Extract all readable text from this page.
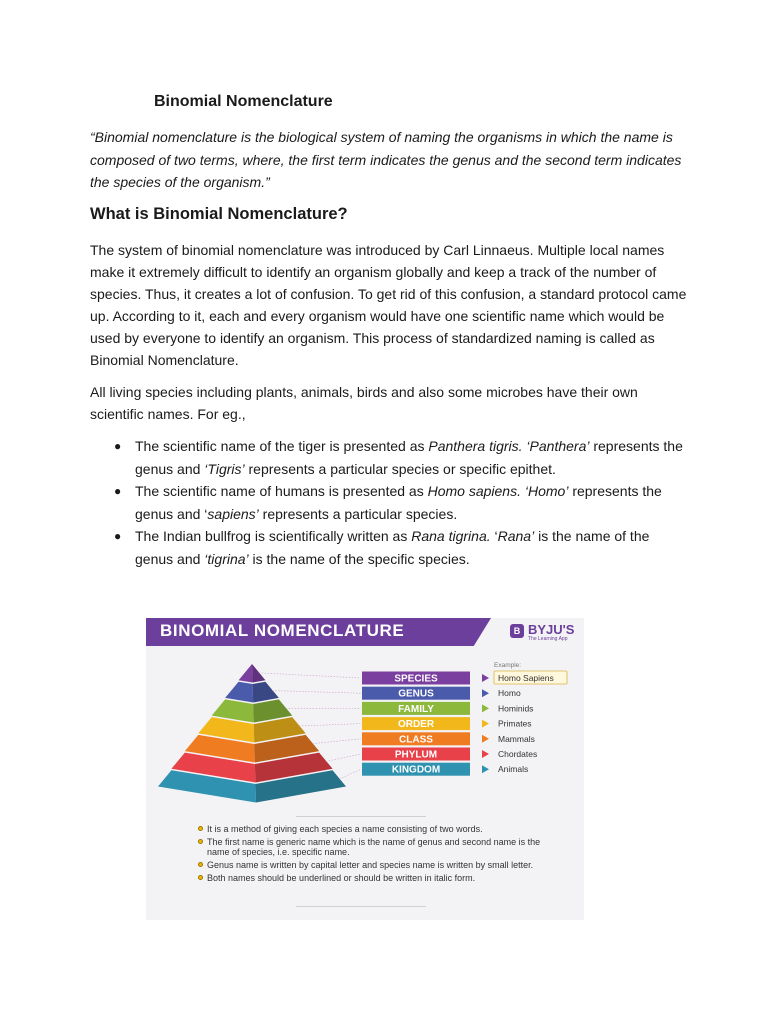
Binomial Nomenclature

“Binomial nomenclature is the biological system of naming the organisms in which the name is composed of two terms, where, the first term indicates the genus and the second term indicates the species of the organism.”

What is Binomial Nomenclature?

The system of binomial nomenclature was introduced by Carl Linnaeus. Multiple local names make it extremely difficult to identify an organism globally and keep a track of the number of species. Thus, it creates a lot of confusion. To get rid of this confusion, a standard protocol came up. According to it, each and every organism would have one scientific name which would be used by everyone to identify an organism. This process of standardized naming is called as Binomial Nomenclature.

All living species including plants, animals, birds and also some microbes have their own scientific names. For eg.,

● The scientific name of the tiger is presented as Panthera tigris. ‘Panthera’ represents the genus and ‘Tigris’ represents a particular species or specific epithet.
● The scientific name of humans is presented as Homo sapiens. ‘Homo’ represents the genus and ‘sapiens’ represents a particular species.
● The Indian bullfrog is scientifically written as Rana tigrina. ‘Rana’ is the name of the genus and ‘tigrina’ is the name of the specific species.
BINOMIAL NOMENCLATURE	B BYJU'S
The Learning App
Example:
SPECIES	Homo Sapiens
GENUS	Homo
FAMILY	Hominids
ORDER	Primates
CLASS	Mammals
PHYLUM	Chordates
KINGDOM	Animals
It is a method of giving each species a name consisting of two words.
The first name is generic name which is the name of genus and second name is the name of species, i.e. specific name.
Genus name is written by capital letter and species name is written by small letter.
Both names should be underlined or should be written in italic form.
